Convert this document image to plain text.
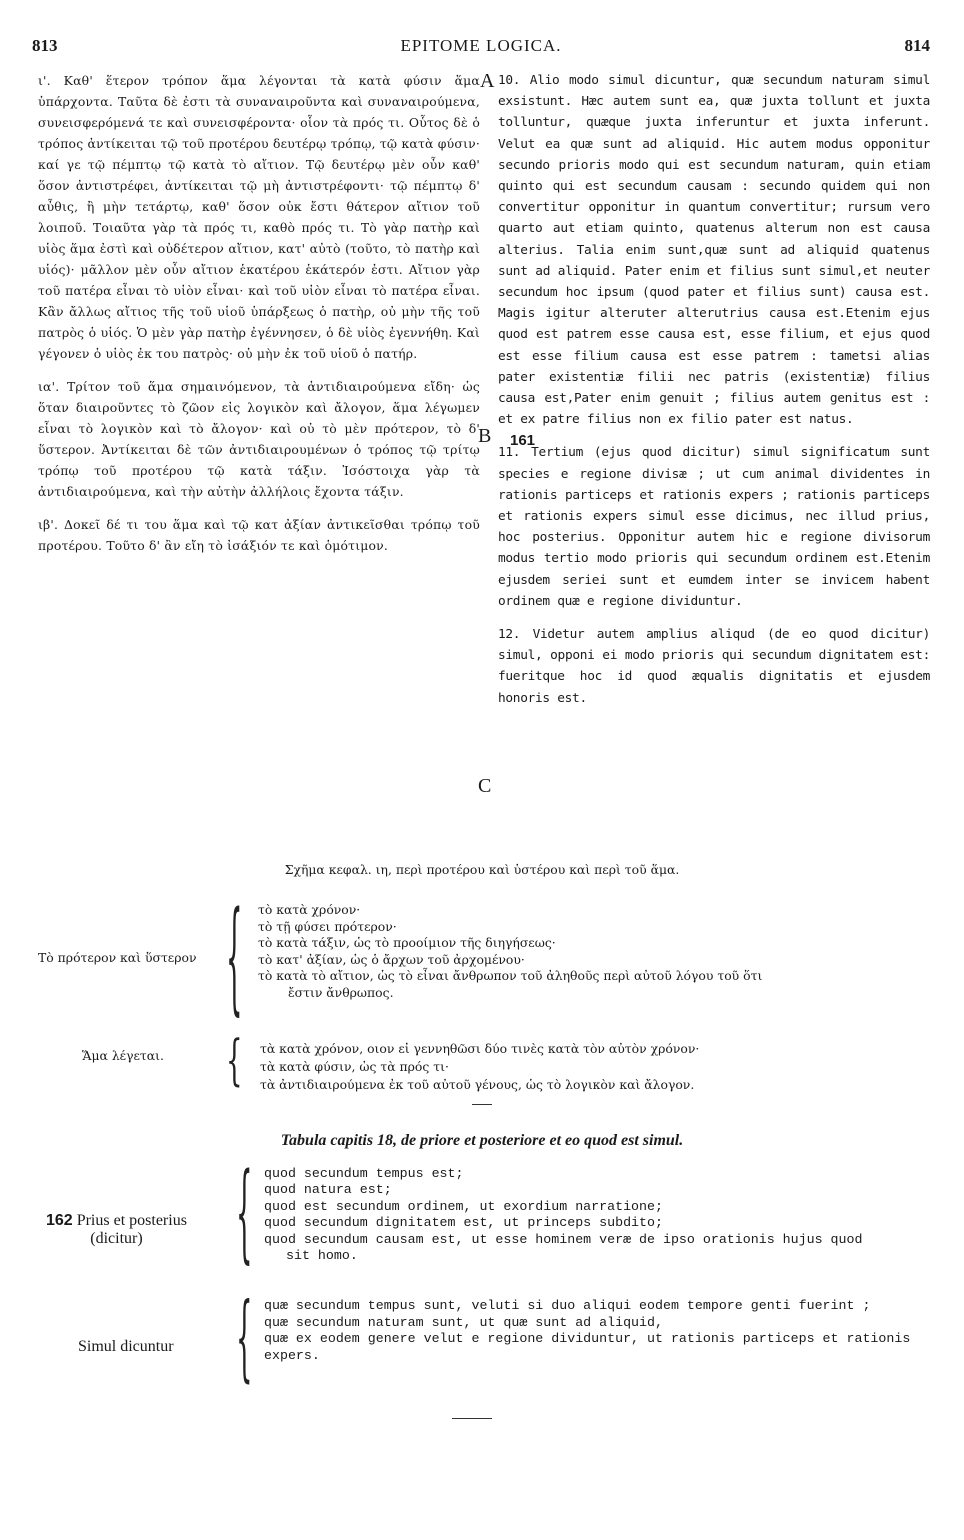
813	EPITOME LOGICA.	814

ι'. Καθ' ἕτερον τρόπον ἅμα λέγονται τὰ κατὰ φύσιν ἅμα ὑπάρχοντα. Ταῦτα δὲ ἐστι τὰ συναναιροῦντα καὶ συναναιρούμενα, συνεισφερόμενά τε καὶ συνεισφέροντα· οἷον τὰ πρός τι. Οὗτος δὲ ὁ τρόπος ἀντίκειται τῷ τοῦ προτέρου δευτέρῳ τρόπῳ, τῷ κατὰ φύσιν· καί γε τῷ πέμπτῳ τῷ κατὰ τὸ αἴτιον. Τῷ δευτέρῳ μὲν οὖν καθ' ὅσον ἀντιστρέφει, ἀντίκειται τῷ μὴ ἀντιστρέφοντι· τῷ πέμπτῳ δ' αὖθις, ἢ μὴν τετάρτῳ, καθ' ὅσον οὐκ ἔστι θάτερον αἴτιον τοῦ λοιποῦ. Τοιαῦτα γὰρ τὰ πρός τι, καθὸ πρός τι. Τὸ γὰρ πατὴρ καὶ υἱὸς ἅμα ἐστὶ καὶ οὐδέτερον αἴτιον, κατ' αὐτὸ (τοῦτο, τὸ πατὴρ καὶ υἱός)· μᾶλλον μὲν οὖν αἴτιον ἑκατέρου ἑκάτερόν ἐστι. Αἴτιον γὰρ τοῦ πατέρα εἶναι τὸ υἱὸν εἶναι· καὶ τοῦ υἱὸν εἶναι τὸ πατέρα εἶναι. Κἂν ἄλλως αἴτιος τῆς τοῦ υἱοῦ ὑπάρξεως ὁ πατὴρ, οὐ μὴν τῆς τοῦ πατρὸς ὁ υἱός. Ὁ μὲν γὰρ πατὴρ ἐγέννησεν, ὁ δὲ υἱὸς ἐγεννήθη. Καὶ γέγονεν ὁ υἱὸς ἐκ του πατρὸς· οὐ μὴν ἐκ τοῦ υἱοῦ ὁ πατήρ.

ια'. Τρίτον τοῦ ἅμα σημαινόμενον, τὰ ἀντιδιαιρούμενα εἴδη· ὡς ὅταν διαιροῦντες τὸ ζῶον εἰς λογικὸν καὶ ἄλογον, ἅμα λέγωμεν εἶναι τὸ λογικὸν καὶ τὸ ἄλογον· καὶ οὐ τὸ μὲν πρότερον, τὸ δ' ὕστερον. Ἀντίκειται δὲ τῶν ἀντιδιαιρουμένων ὁ τρόπος τῷ τρίτῳ τρόπῳ τοῦ προτέρου τῷ κατὰ τάξιν. Ἰσόστοιχα γὰρ τὰ ἀντιδιαιρούμενα, καὶ τὴν αὐτὴν ἀλλήλοις ἔχοντα τάξιν.

ιβ'. Δοκεῖ δέ τι του ἅμα καὶ τῷ κατ ἀξίαν ἀντικεῖσθαι τρόπῳ τοῦ προτέρου. Τοῦτο δ' ἂν εἴη τὸ ἰσάξιόν τε καὶ ὁμότιμον.

A
B
C
161

10. Alio modo simul dicuntur, quæ secundum naturam simul exsistunt. Hæc autem sunt ea, quæ juxta tollunt et juxta tolluntur, quæque juxta inferuntur et juxta inferunt. Velut ea quæ sunt ad aliquid. Hic autem modus opponitur secundo prioris modo qui est secundum naturam, quin etiam quinto qui est secundum causam : secundo quidem qui non convertitur opponitur in quantum convertitur; rursum vero quarto aut etiam quinto, quatenus alterum non est causa alterius. Talia enim sunt,quæ sunt ad aliquid quatenus sunt ad aliquid. Pater enim et filius sunt simul,et neuter secundum hoc ipsum (quod pater et filius sunt) causa est. Magis igitur alteruter alterutrius causa est.Etenim ejus quod est patrem esse causa est, esse filium, et ejus quod est esse filium causa est esse patrem : tametsi alias pater existentiæ filii nec patris (existentiæ) filius causa est,Pater enim genuit ; filius autem genitus est : et ex patre filius non ex filio pater est natus.

11. Tertium (ejus quod dicitur) simul significatum sunt species e regione divisæ ; ut cum animal dividentes in rationis particeps et rationis expers ; rationis particeps et rationis expers simul esse dicimus, nec illud prius, hoc posterius. Opponitur autem hic e regione divisorum modus tertio modo prioris qui secundum ordinem est.Etenim ejusdem seriei sunt et eumdem inter se invicem habent ordinem quæ e regione dividuntur.

12. Videtur autem amplius aliqud (de eo quod dicitur) simul, opponi ei modo prioris qui secundum dignitatem est: fueritque hoc id quod æqualis dignitatis et ejusdem honoris est.

Σχῆμα κεφαλ. ιη, περὶ προτέρου καὶ ὑστέρου καὶ περὶ τοῦ ἅμα.
Τὸ πρότερον καὶ ὕστερον { τὸ κατὰ χρόνον·
τὸ τῇ φύσει πρότερον·
τὸ κατὰ τάξιν, ὡς τὸ προοίμιον τῆς διηγήσεως·
τὸ κατ' ἀξίαν, ὡς ὁ ἄρχων τοῦ ἀρχομένου·
τὸ κατὰ τὸ αἴτιον, ὡς τὸ εἶναι ἄνθρωπον τοῦ ἀληθοῦς περὶ αὐτοῦ λόγου τοῦ ὅτι
ἔστιν ἄνθρωπος.
Ἅμα λέγεται. { τὰ κατὰ χρόνον, οιον εἰ γεννηθῶσι δύο τινὲς κατὰ τὸν αὐτὸν χρόνον·
τὰ κατὰ φύσιν, ὡς τὰ πρός τι·
τὰ ἀντιδιαιρούμενα ἐκ τοῦ αὐτοῦ γένους, ὡς τὸ λογικὸν καὶ ἄλογον.
Tabula capitis 18, de priore et posteriore et eo quod est simul.
162 Prius et posterius
(dicitur)	{ quod secundum tempus est;
quod natura est;
quod est secundum ordinem, ut exordium narratione;
quod secundum dignitatem est, ut princeps subdito;
quod secundum causam est, ut esse hominem veræ de ipso orationis hujus quod
sit homo.
Simul dicuntur { quæ secundum tempus sunt, veluti si duo aliqui eodem tempore genti fuerint ;
quæ secundum naturam sunt, ut quæ sunt ad aliquid,
quæ ex eodem genere velut e regione dividuntur, ut rationis particeps et rationis expers.
